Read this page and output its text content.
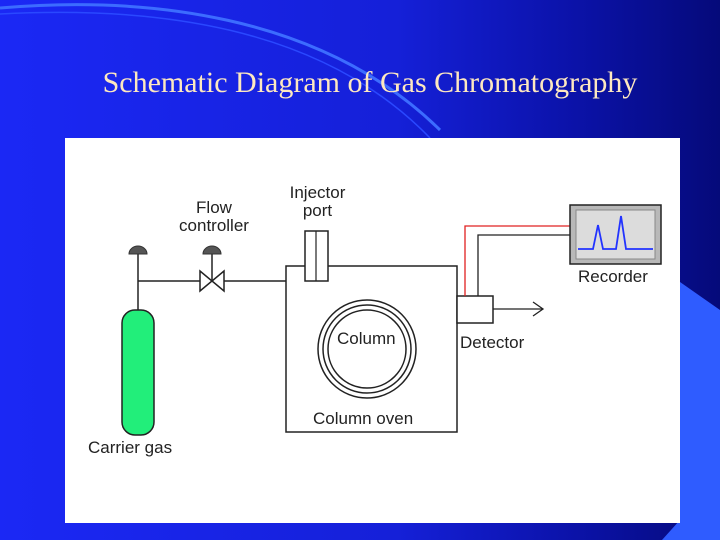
Schematic Diagram of Gas Chromatography
Flow
controller
Injector
port
Column
Column oven
Detector
Recorder
Carrier gas
